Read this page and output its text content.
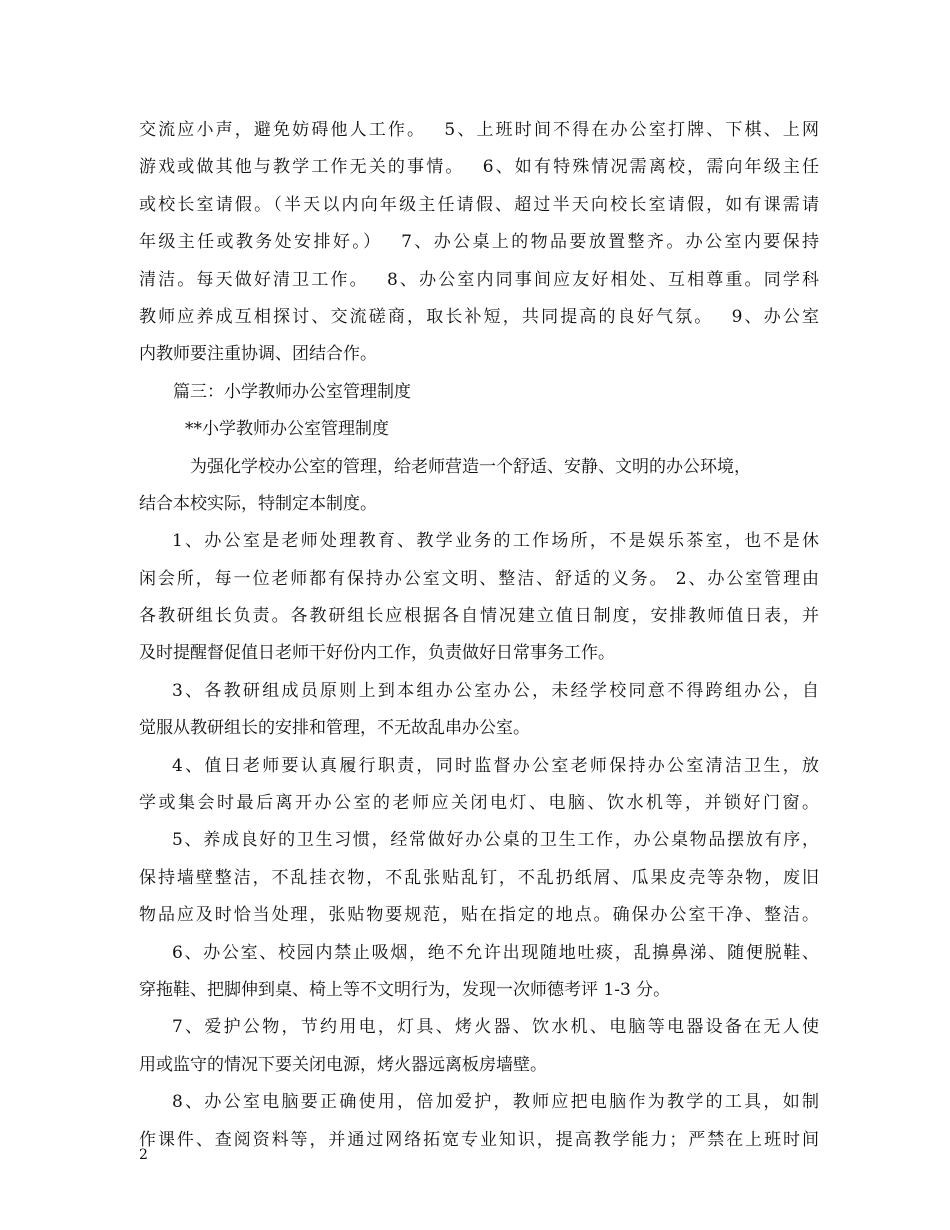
交流应小声，避免妨碍他人工作。　 5、上班时间不得在办公室打牌、下棋、上网
游戏或做其他与教学工作无关的事情。　 6、如有特殊情况需离校，需向年级主任
或校长室请假。（半天以内向年级主任请假、超过半天向校长室请假，如有课需请
年级主任或教务处安排好。）　 7、办公桌上的物品要放置整齐。办公室内要保持
清洁。每天做好清卫工作。　 8、办公室内同事间应友好相处、互相尊重。同学科
教师应养成互相探讨、交流磋商，取长补短，共同提高的良好气氛。　 9、办公室
内教师要注重协调、团结合作。
篇三：小学教师办公室管理制度
**小学教师办公室管理制度
为强化学校办公室的管理，给老师营造一个舒适、安静、文明的办公环境，
结合本校实际，特制定本制度。
1、办公室是老师处理教育、教学业务的工作场所，不是娱乐茶室，也不是休
闲会所，每一位老师都有保持办公室文明、整洁、舒适的义务。 2、办公室管理由
各教研组长负责。各教研组长应根据各自情况建立值日制度，安排教师值日表，并
及时提醒督促值日老师干好份内工作，负责做好日常事务工作。
3、各教研组成员原则上到本组办公室办公，未经学校同意不得跨组办公，自
觉服从教研组长的安排和管理，不无故乱串办公室。
4、值日老师要认真履行职责，同时监督办公室老师保持办公室清洁卫生，放
学或集会时最后离开办公室的老师应关闭电灯、电脑、饮水机等，并锁好门窗。
5、养成良好的卫生习惯，经常做好办公桌的卫生工作，办公桌物品摆放有序，
保持墙壁整洁，不乱挂衣物，不乱张贴乱钉，不乱扔纸屑、瓜果皮壳等杂物，废旧
物品应及时恰当处理，张贴物要规范，贴在指定的地点。确保办公室干净、整洁。
6、办公室、校园内禁止吸烟，绝不允许出现随地吐痰，乱擤鼻涕、随便脱鞋、
穿拖鞋、把脚伸到桌、椅上等不文明行为，发现一次师德考评 1-3 分。
7、爱护公物，节约用电，灯具、烤火器、饮水机、电脑等电器设备在无人使
用或监守的情况下要关闭电源，烤火器远离板房墙壁。
8、办公室电脑要正确使用，倍加爱护，教师应把电脑作为教学的工具，如制
作课件、查阅资料等，并通过网络拓宽专业知识，提高教学能力；严禁在上班时间
2
